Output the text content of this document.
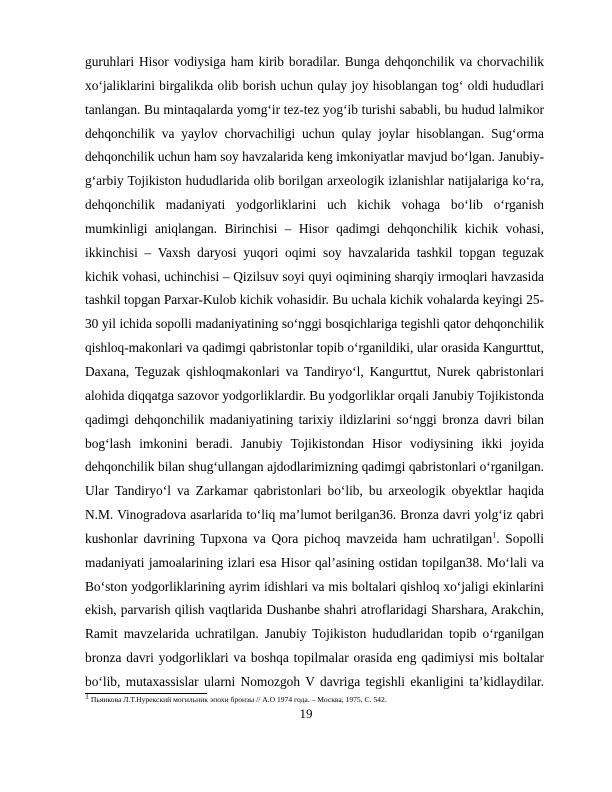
guruhlari Hisor vodiysiga ham kirib boradilar. Bunga dehqonchilik va chorvachilik
xo‘jaliklarini birgalikda olib borish uchun qulay joy hisoblangan tog‘ oldi hududlari
tanlangan. Bu mintaqalarda yomg‘ir tez-tez yog‘ib turishi sababli, bu hudud lalmikor
dehqonchilik va yaylov chorvachiligi uchun qulay joylar hisoblangan. Sug‘orma
dehqonchilik uchun ham soy havzalarida keng imkoniyatlar mavjud bo‘lgan. Janubiy-
g‘arbiy Tojikiston hududlarida olib borilgan arxeologik izlanishlar natijalariga ko‘ra,
dehqonchilik madaniyati yodgorliklarini uch kichik vohaga bo‘lib o‘rganish
mumkinligi aniqlangan. Birinchisi – Hisor qadimgi dehqonchilik kichik vohasi,
ikkinchisi – Vaxsh daryosi yuqori oqimi soy havzalarida tashkil topgan teguzak
kichik vohasi, uchinchisi – Qizilsuv soyi quyi oqimining sharqiy irmoqlari havzasida
tashkil topgan Parxar-Kulob kichik vohasidir. Bu uchala kichik vohalarda keyingi 25-
30 yil ichida sopolli madaniyatining so‘nggi bosqichlariga tegishli qator dehqonchilik
qishloq-makonlari va qadimgi qabristonlar topib o‘rganildiki, ular orasida Kangurttut,
Daxana, Teguzak qishloqmakonlari va Tandiryo‘l, Kangurttut, Nurek qabristonlari
alohida diqqatga sazovor yodgorliklardir. Bu yodgorliklar orqali Janubiy Tojikistonda
qadimgi dehqonchilik madaniyatining tarixiy ildizlarini so‘nggi bronza davri bilan
bog‘lash imkonini beradi. Janubiy Tojikistondan Hisor vodiysining ikki joyida
dehqonchilik bilan shug‘ullangan ajdodlarimizning qadimgi qabristonlari o‘rganilgan.
Ular Tandiryo‘l va Zarkamar qabristonlari bo‘lib, bu arxeologik obyektlar haqida
N.M. Vinogradova asarlarida to‘liq ma’lumot berilgan36. Bronza davri yolg‘iz qabri
kushonlar davrining Tupxona va Qora pichoq mavzeida ham uchratilgan$^1$. Sopolli
madaniyati jamoalarining izlari esa Hisor qal’asining ostidan topilgan38. Mo‘lali va
Bo‘ston yodgorliklarining ayrim idishlari va mis boltalari qishloq xo‘jaligi ekinlarini
ekish, parvarish qilish vaqtlarida Dushanbe shahri atroflaridagi Sharshara, Arakchin,
Ramit mavzelarida uchratilgan. Janubiy Tojikiston hududlaridan topib o‘rganilgan
bronza davri yodgorliklari va boshqa topilmalar orasida eng qadimiysi mis boltalar
bo‘lib, mutaxassislar ularni Nomozgoh V davriga tegishli ekanligini ta’kidlaydilar.
$^1$ Пьянкова Л.Т.Нурекский могильник эпохи бронзы // А.О 1974 года. – Москва, 1975, С. 542.
19
